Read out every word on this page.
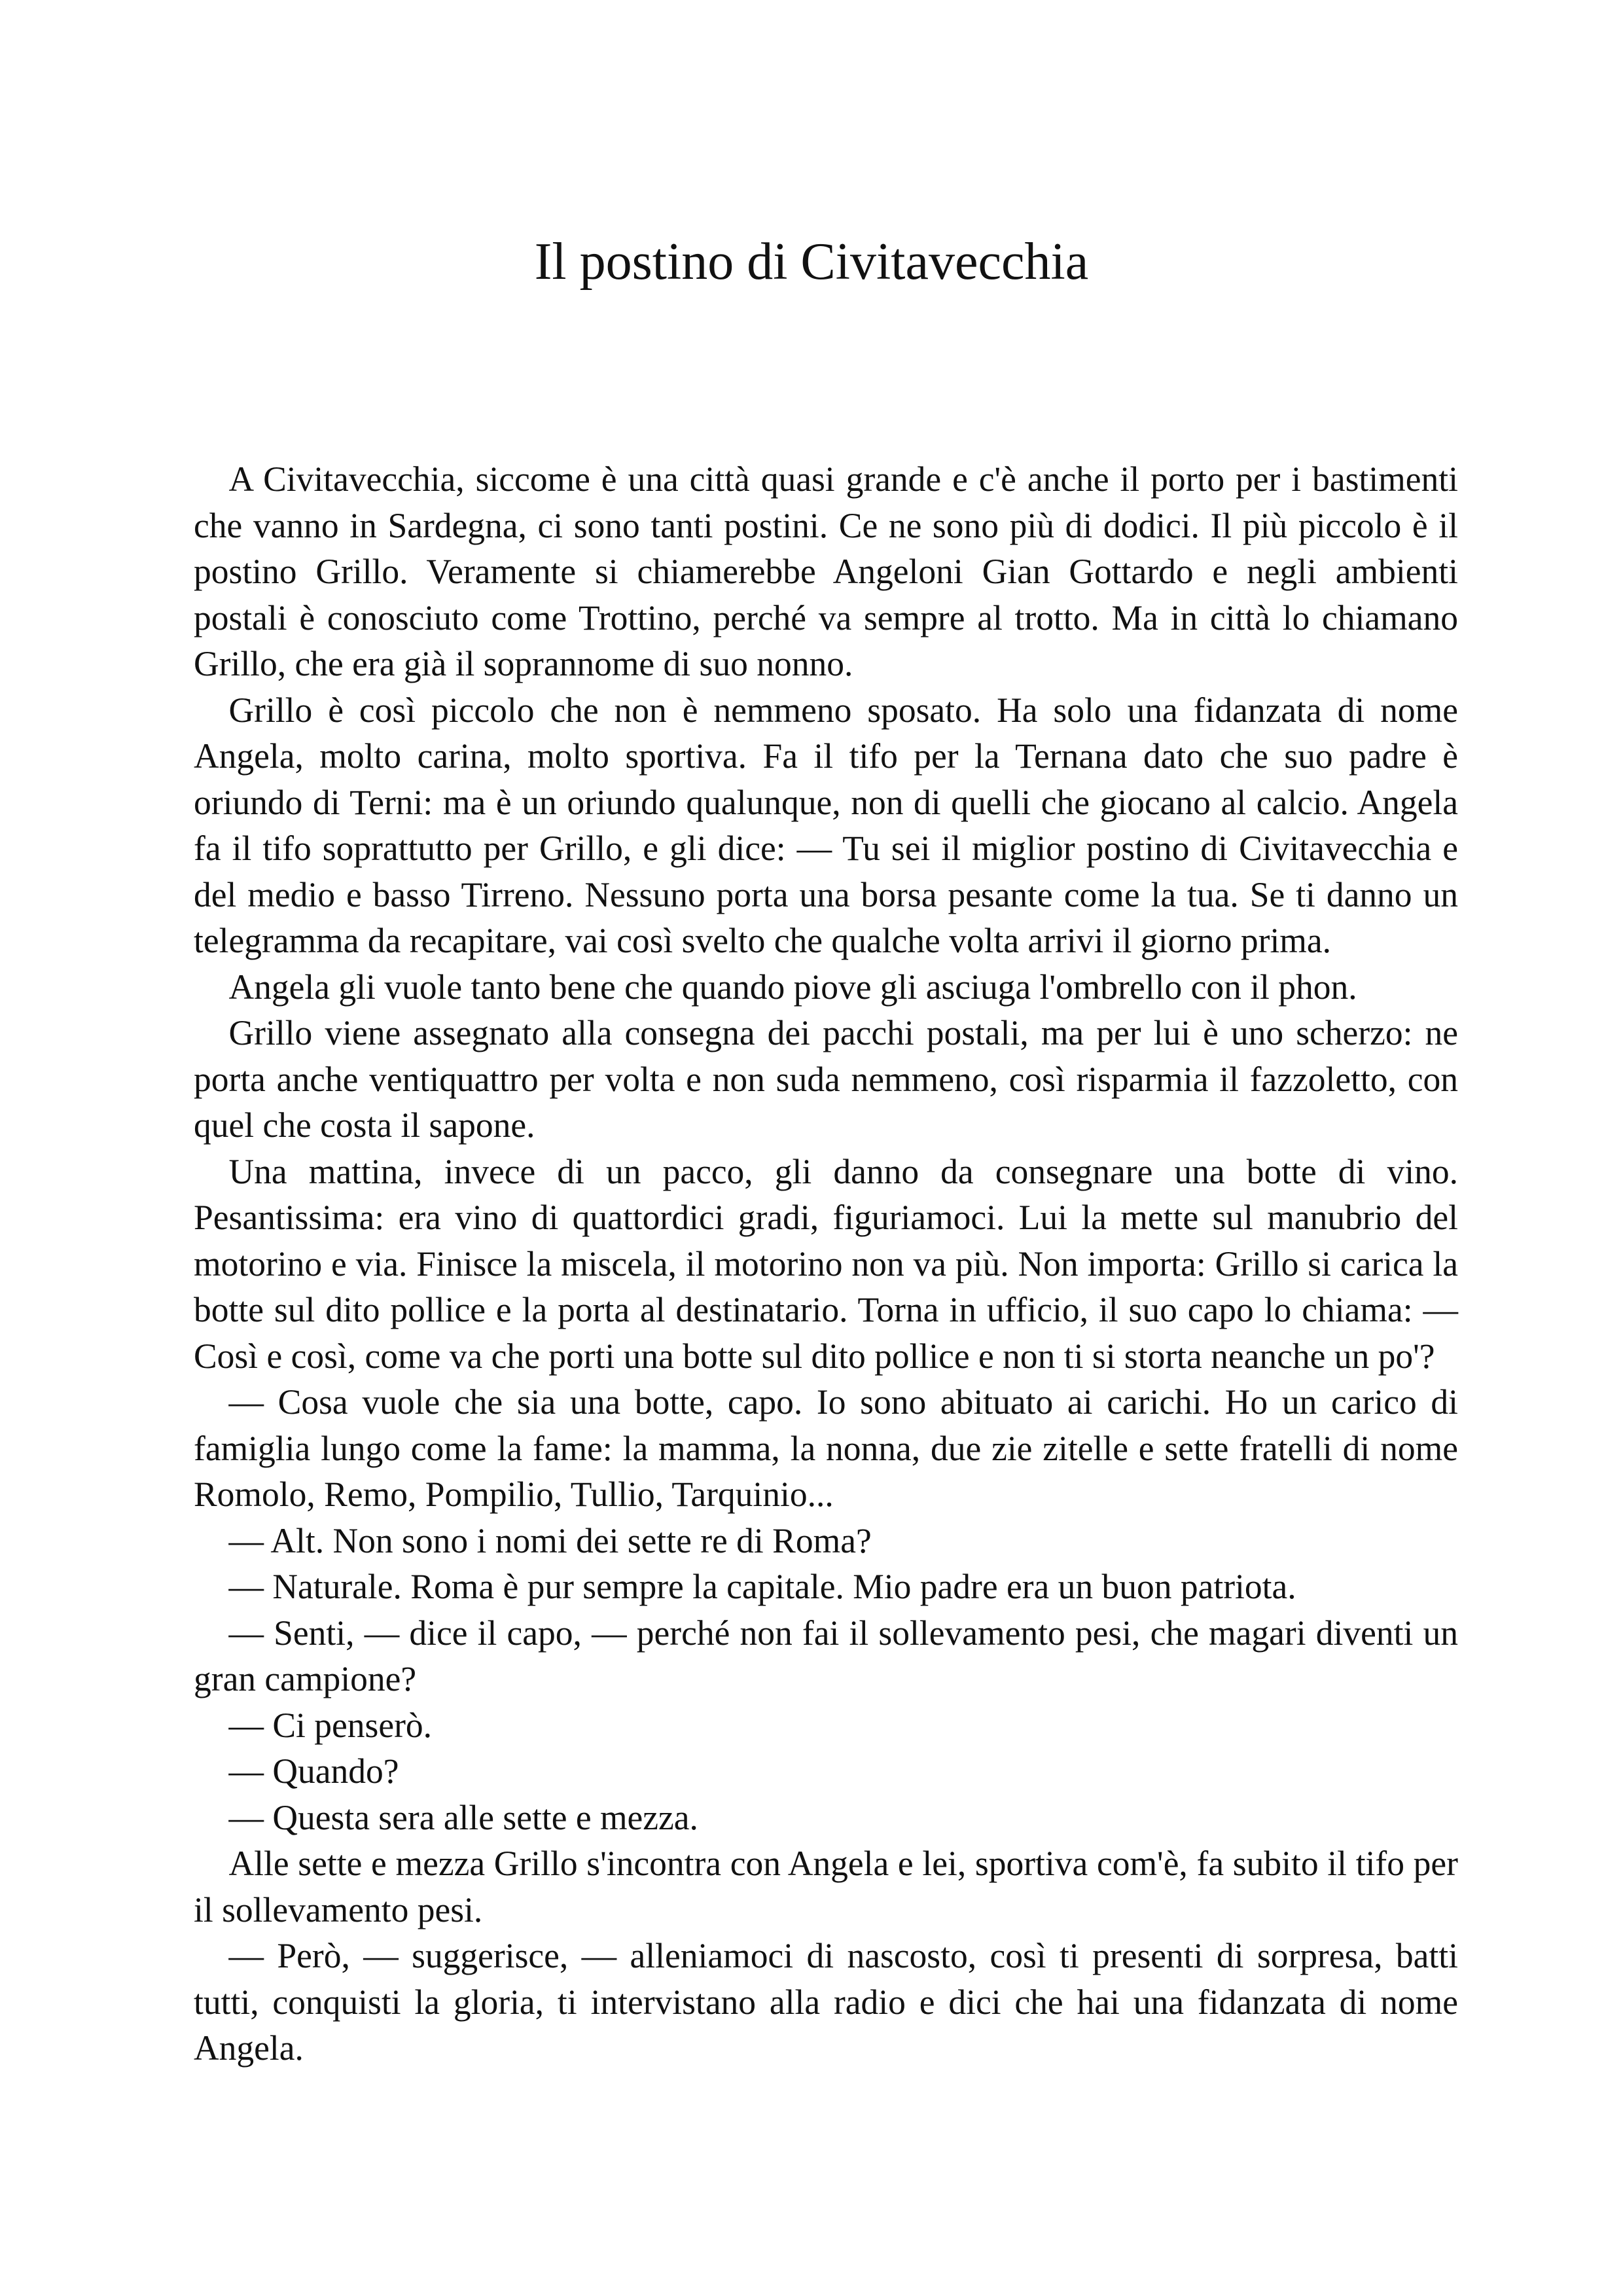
Il postino di Civitavecchia

A Civitavecchia, siccome è una città quasi grande e c'è anche il porto per i bastimenti che vanno in Sardegna, ci sono tanti postini. Ce ne sono più di dodici. Il più piccolo è il postino Grillo. Veramente si chiamerebbe Angeloni Gian Gottardo e negli ambienti postali è conosciuto come Trottino, perché va sempre al trotto. Ma in città lo chiamano Grillo, che era già il soprannome di suo nonno.

Grillo è così piccolo che non è nemmeno sposato. Ha solo una fidanzata di nome Angela, molto carina, molto sportiva. Fa il tifo per la Ternana dato che suo padre è oriundo di Terni: ma è un oriundo qualunque, non di quelli che giocano al calcio. Angela fa il tifo soprattutto per Grillo, e gli dice: — Tu sei il miglior postino di Civitavecchia e del medio e basso Tirreno. Nessuno porta una borsa pesante come la tua. Se ti danno un telegramma da recapitare, vai così svelto che qualche volta arrivi il giorno prima.

Angela gli vuole tanto bene che quando piove gli asciuga l'ombrello con il phon.

Grillo viene assegnato alla consegna dei pacchi postali, ma per lui è uno scherzo: ne porta anche ventiquattro per volta e non suda nemmeno, così risparmia il fazzoletto, con quel che costa il sapone.

Una mattina, invece di un pacco, gli danno da consegnare una botte di vino. Pesantissima: era vino di quattordici gradi, figuriamoci. Lui la mette sul manubrio del motorino e via. Finisce la miscela, il motorino non va più. Non importa: Grillo si carica la botte sul dito pollice e la porta al destinatario. Torna in ufficio, il suo capo lo chiama: — Così e così, come va che porti una botte sul dito pollice e non ti si storta neanche un po'?

— Cosa vuole che sia una botte, capo. Io sono abituato ai carichi. Ho un carico di famiglia lungo come la fame: la mamma, la nonna, due zie zitelle e sette fratelli di nome Romolo, Remo, Pompilio, Tullio, Tarquinio...

— Alt. Non sono i nomi dei sette re di Roma?

— Naturale. Roma è pur sempre la capitale. Mio padre era un buon patriota.

— Senti, — dice il capo, — perché non fai il sollevamento pesi, che magari diventi un gran campione?

— Ci penserò.

— Quando?

— Questa sera alle sette e mezza.

Alle sette e mezza Grillo s'incontra con Angela e lei, sportiva com'è, fa subito il tifo per il sollevamento pesi.

— Però, — suggerisce, — alleniamoci di nascosto, così ti presenti di sorpresa, batti tutti, conquisti la gloria, ti intervistano alla radio e dici che hai una fidanzata di nome Angela.
